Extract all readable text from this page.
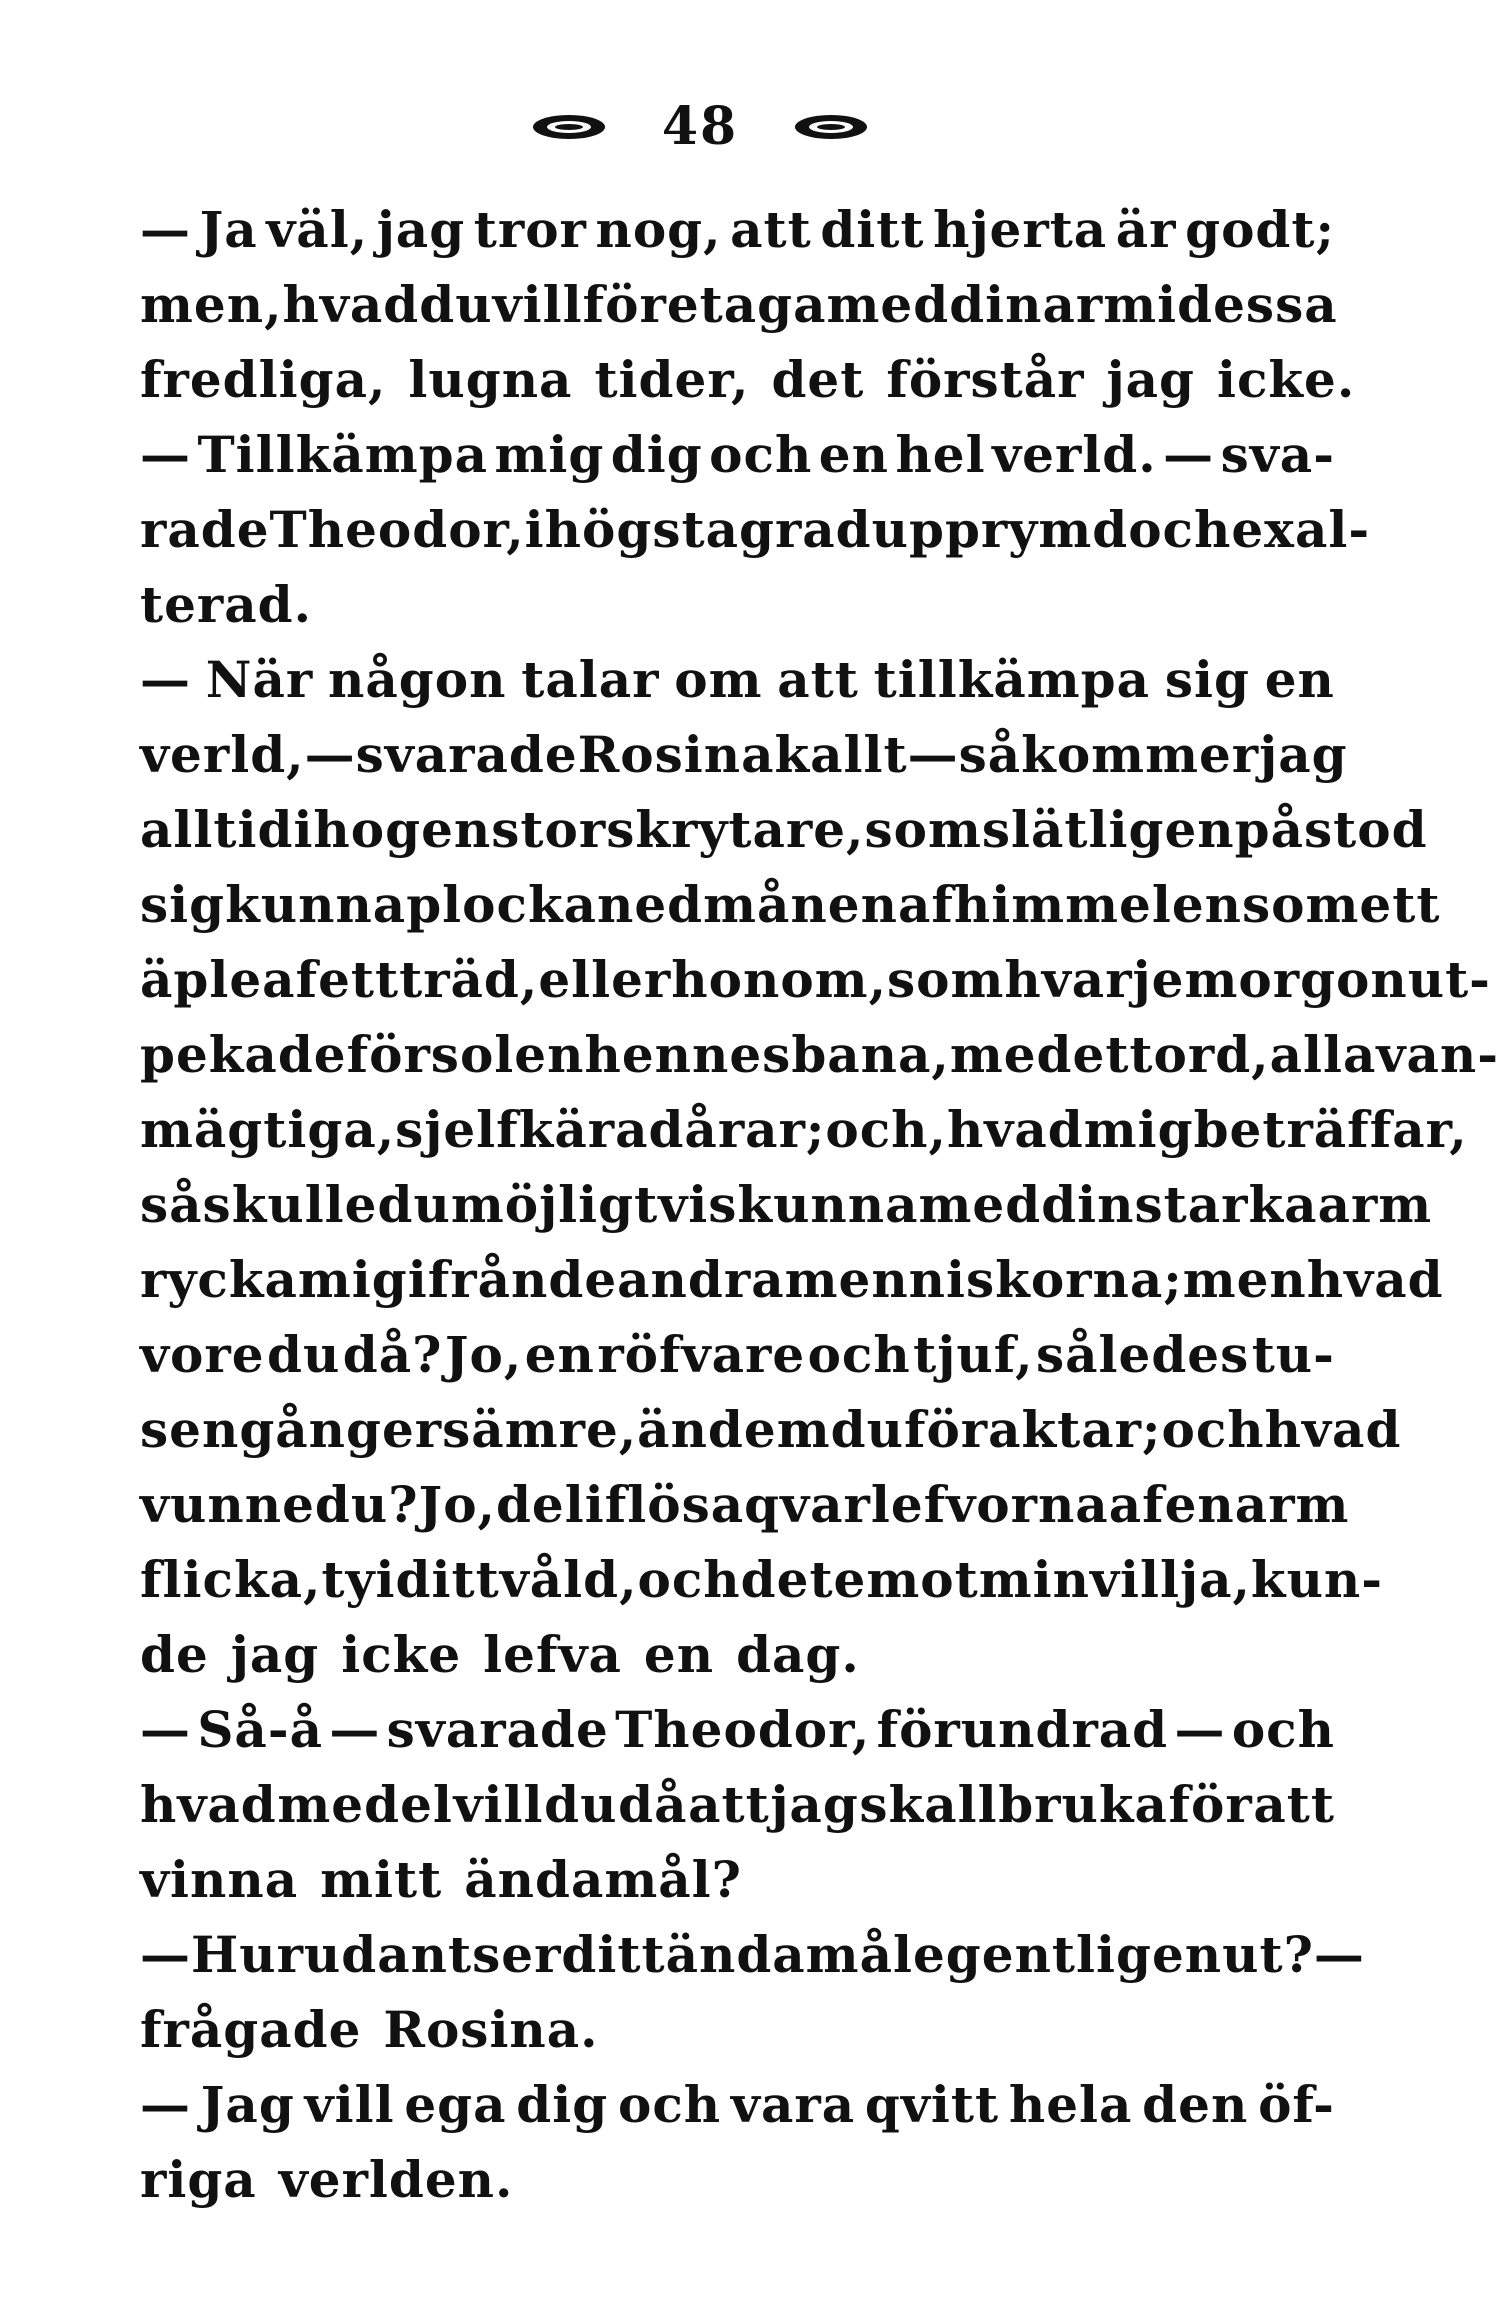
48
— Ja väl, jag tror nog, att ditt hjerta är godt;
men, hvad du vill företaga med din arm i dessa
fredliga, lugna tider, det förstår jag icke.
— Tillkämpa mig dig och en hel verld. — sva-
rade Theodor, i högsta grad upprymd och exal-
terad.
— När någon talar om att tillkämpa sig en
verld, — svarade Rosina kallt — så kommer jag
alltid ihog en storskrytare, som slätligen påstod
sig kunna plocka ned månen af himmelen som ett
äple af ett träd, eller honom, som hvarje morgon ut-
pekade för solen hennes bana, med ett ord, alla van-
mägtiga, sjelfkära dårar; och, hvad mig beträffar,
så skulle du möjligtvis kunna med din starka arm
rycka mig ifrån de andra menniskorna; men hvad
vore du då? Jo, en röfvare och tjuf, således tu-
sen gånger sämre, än dem du föraktar; och hvad
vunne du? Jo, de liflösa qvarlefvorna af en arm
flicka, ty i ditt våld, och det emot min villja, kun-
de jag icke lefva en dag.
— Så-å — svarade Theodor, förundrad — och
hvad medel vill du då att jag skall bruka för att
vinna mitt ändamål?
— Hurudant ser ditt ändamål egentligen ut? —
frågade Rosina.
— Jag vill ega dig och vara qvitt hela den öf-
riga verlden.
